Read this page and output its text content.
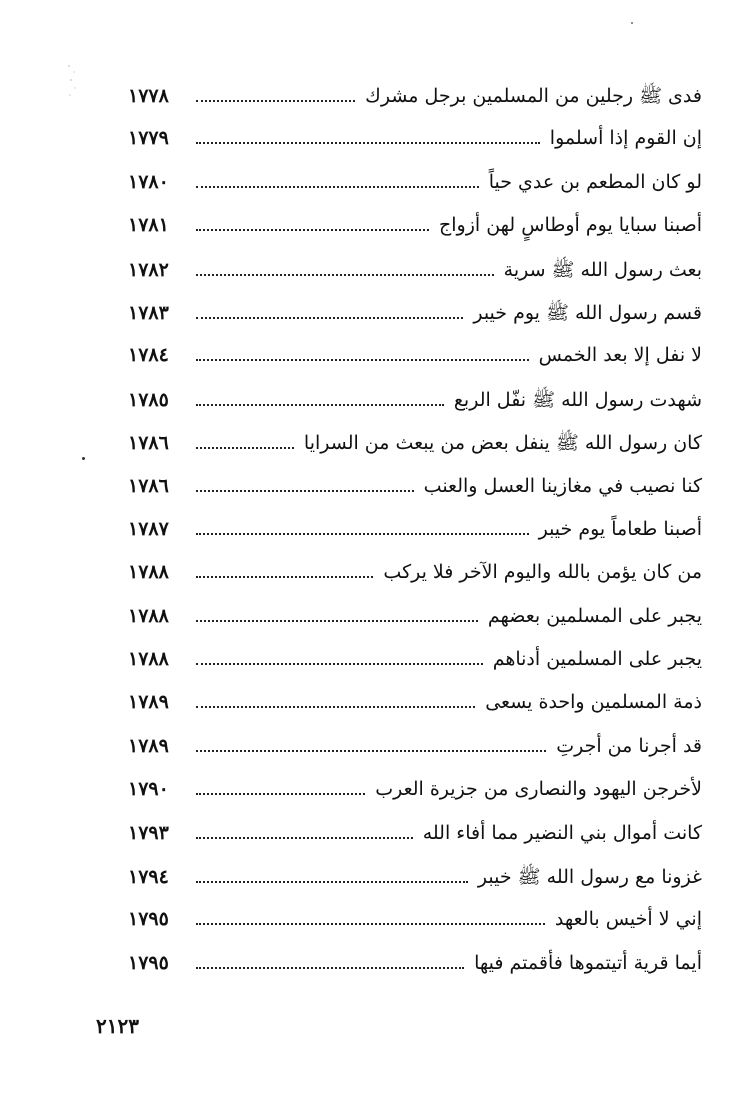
فدى ﷺ رجلين من المسلمين برجل مشرك
١٧٧٨
إن القوم إذا أسلموا
١٧٧٩
لو كان المطعم بن عدي حياً
١٧٨٠
أصبنا سبايا يوم أوطاسٍ لهن أزواج
١٧٨١
بعث رسول الله ﷺ سرية
١٧٨٢
قسم رسول الله ﷺ يوم خيبر
١٧٨٣
لا نفل إلا بعد الخمس
١٧٨٤
شهدت رسول الله ﷺ نفّل الربع
١٧٨٥
كان رسول الله ﷺ ينفل بعض من يبعث من السرايا
١٧٨٦
كنا نصيب في مغازينا العسل والعنب
١٧٨٦
أصبنا طعاماً يوم خيبر
١٧٨٧
من كان يؤمن بالله واليوم الآخر فلا يركب
١٧٨٨
يجبر على المسلمين بعضهم
١٧٨٨
يجبر على المسلمين أدناهم
١٧٨٨
ذمة المسلمين واحدة يسعى
١٧٨٩
قد أجرنا من أجرتِ
١٧٨٩
لأخرجن اليهود والنصارى من جزيرة العرب
١٧٩٠
كانت أموال بني النضير مما أفاء الله
١٧٩٣
غزونا مع رسول الله ﷺ خيبر
١٧٩٤
إني لا أخيس بالعهد
١٧٩٥
أيما قرية أتيتموها فأقمتم فيها
١٧٩٥
٢١٢٣
